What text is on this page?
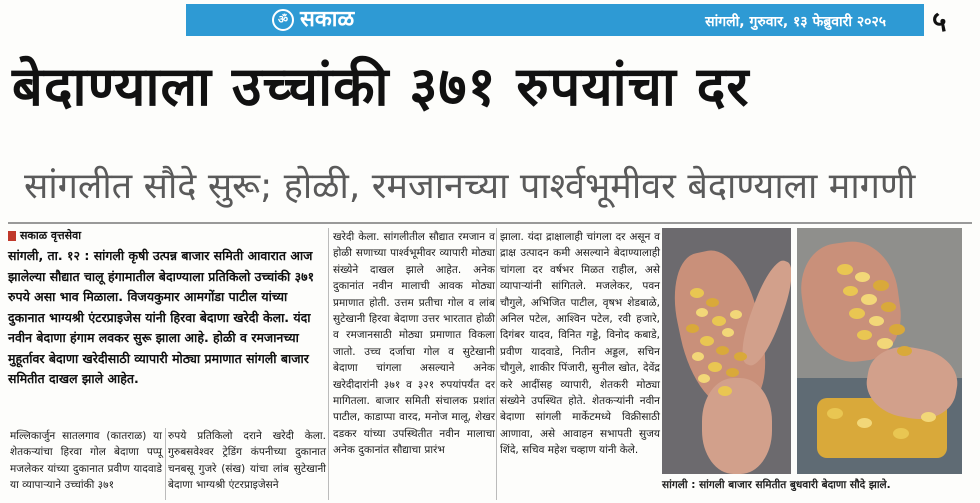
ॐ सकाळ	सांगली, गुरुवार, १३ फेब्रुवारी २०२५ ५
बेदाण्याला उच्चांकी ३७१ रुपयांचा दर
सांगलीत सौदे सुरू; होळी, रमजानच्या पार्श्वभूमीवर बेदाण्याला मागणी
सकाळ वृत्तसेवा
सांगली, ता. १२ : सांगली कृषी उत्पन्न बाजार समिती आवारात आज झालेल्या सौद्यात चालू हंगामातील बेदाण्याला प्रतिकिलो उच्चांकी ३७१ रुपये असा भाव मिळाला. विजयकुमार आमगोंडा पाटील यांच्या दुकानात भाग्यश्री एंटरप्राइजेस यांनी हिरवा बेदाणा खरेदी केला. यंदा नवीन बेदाणा हंगाम लवकर सुरू झाला आहे. होळी व रमजानच्या मुहूर्तावर बेदाणा खरेदीसाठी व्यापारी मोठ्या प्रमाणात सांगली बाजार समितीत दाखल झाले आहेत.
मल्लिकार्जुन सातलगाव (कातराळ) या शेतकऱ्यांचा हिरवा गोल बेदाणा पप्पू मजलेकर यांच्या दुकानात प्रवीण यादवाडे या व्यापाऱ्याने उच्चांकी ३७१
रुपये प्रतिकिलो दराने खरेदी केला. गुरुबसवेश्वर ट्रेडिंग कंपनीच्या दुकानात चनबसू गुजरे (संख) यांचा लांब सुटेखानी बेदाणा भाग्यश्री एंटरप्राइजेसने
खरेदी केला. सांगलीतील सौद्यात रमजान व होळी सणाच्या पार्श्वभूमीवर व्यापारी मोठ्या संख्येने दाखल झाले आहेत. अनेक दुकानांत नवीन मालाची आवक मोठ्या प्रमाणात होती. उत्तम प्रतीचा गोल व लांब सुटेखानी हिरवा बेदाणा उत्तर भारतात होळी व रमजानसाठी मोठ्या प्रमाणात विकला जातो. उच्च दर्जाचा गोल व सुटेखानी बेदाणा चांगला असल्याने अनेक खरेदीदारांनी ३७१ व ३२१ रुपयांपर्यंत दर मागितला. बाजार समिती संचालक प्रशांत पाटील, काडाप्पा वारद, मनोज मालू, शेखर दडकर यांच्या उपस्थितीत नवीन मालाचा अनेक दुकानांत सौद्याचा प्रारंभ
झाला. यंदा द्राक्षालाही चांगला दर असून व द्राक्ष उत्पादन कमी असल्याने बेदाण्यालाही चांगला दर वर्षभर मिळत राहील, असे व्यापाऱ्यांनी सांगितले. मजलेकर, पवन चौगुले, अभिजित पाटील, वृषभ शेडबाळे, अनिल पटेल, आश्विन पटेल, रवी हजारे, दिगंबर यादव, विनित गड्डे, विनोद कबाडे, प्रवीण यादवाडे, नितीन अड्डल, सचिन चौगुले, शाकीर पिंजारी, सुनील खोत, देवेंद्र करे आदींसह व्यापारी, शेतकरी मोठ्या संख्येने उपस्थित होते. शेतकऱ्यांनी नवीन बेदाणा सांगली मार्केटमध्ये विक्रीसाठी आणावा, असे आवाहन सभापती सुजय शिंदे, सचिव महेश चव्हाण यांनी केले.
सांगली : सांगली बाजार समितीत बुधवारी बेदाणा सौदे झाले.
